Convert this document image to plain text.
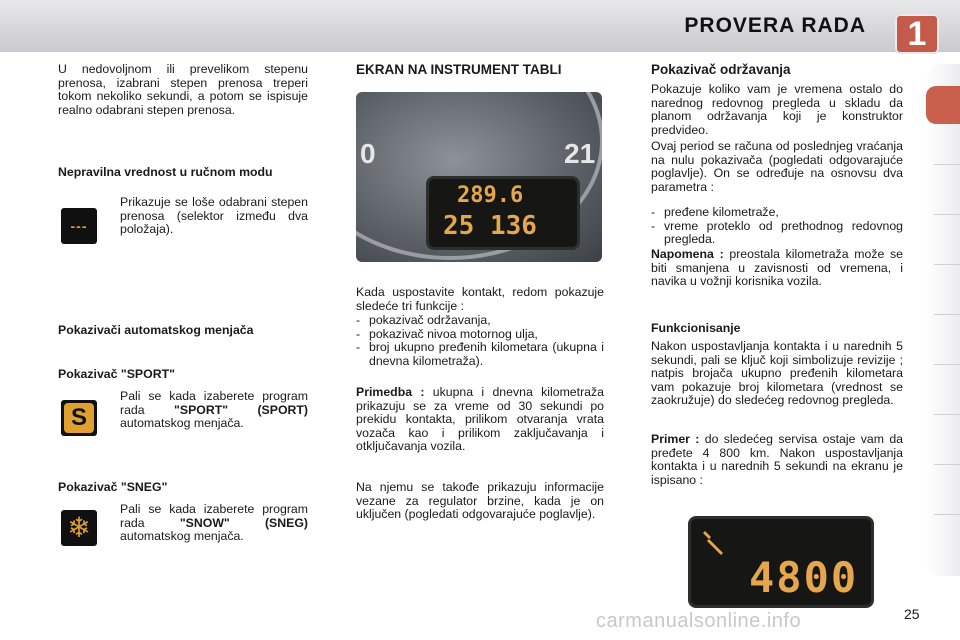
PROVERA RADA	1

U nedovoljnom ili prevelikom stepenu prenosa, izabrani stepen prenosa treperi tokom nekoliko sekundi, a potom se ispisuje realno odabrani stepen prenosa.

Nepravilna vrednost u ručnom modu
---

Prikazuje se loše odabrani stepen prenosa (selektor između dva položaja).

Pokazivači automatskog menjača
Pokazivač "SPORT"
S

Pali se kada izaberete program rada "SPORT" (SPORT) automatskog menjača.

Pokazivač "SNEG"
❄

Pali se kada izaberete program rada	"SNOW" (SNEG) automatskog menjača.

EKRAN NA INSTRUMENT TABLI
0	21
289.6
25 136

Kada uspostavite kontakt, redom pokazuje sledeće tri funkcije :

- pokazivač održavanja,
- pokazivač nivoa motornog ulja,
- broj ukupno pređenih kilometara (ukupna i dnevna kilometraža).

Primedba : ukupna i dnevna kilometraža prikazuju se za vreme od 30 sekundi po prekidu kontakta, prilikom otvaranja vrata vozača kao i prilikom zaključavanja i otključavanja vozila.

Na njemu se takođe prikazuju informacije vezane za regulator brzine, kada je on uključen (pogledati odgovarajuće poglavlje).

Pokazivač održavanja

Pokazuje koliko vam je vremena ostalo do narednog redovnog pregleda u skladu da planom održavanja koji je konstruktor predvideo.

Ovaj period se računa od poslednjeg vraćanja na nulu pokazivača (pogledati odgovarajuće poglavlje). On se određuje na osnovsu dva parametra :

- pređene kilometraže,
- vreme proteklo od prethodnog redovnog pregleda.

Napomena : preostala kilometraža može se biti smanjena u zavisnosti od vremena, i navika u vožnji korisnika vozila.

Funkcionisanje

Nakon uspostavljanja kontakta i u narednih 5 sekundi, pali se ključ koji simbolizuje revizije ; natpis brojača ukupno pređenih kilometara vam pokazuje broj kilometara (vrednost se zaokružuje) do sledećeg redovnog pregleda.

Primer : do sledećeg servisa ostaje vam da pređete 4 800 km. Nakon uspostavljanja kontakta i u narednih 5 sekundi na ekranu je ispisano :

4800
25
carmanualsonline.info
